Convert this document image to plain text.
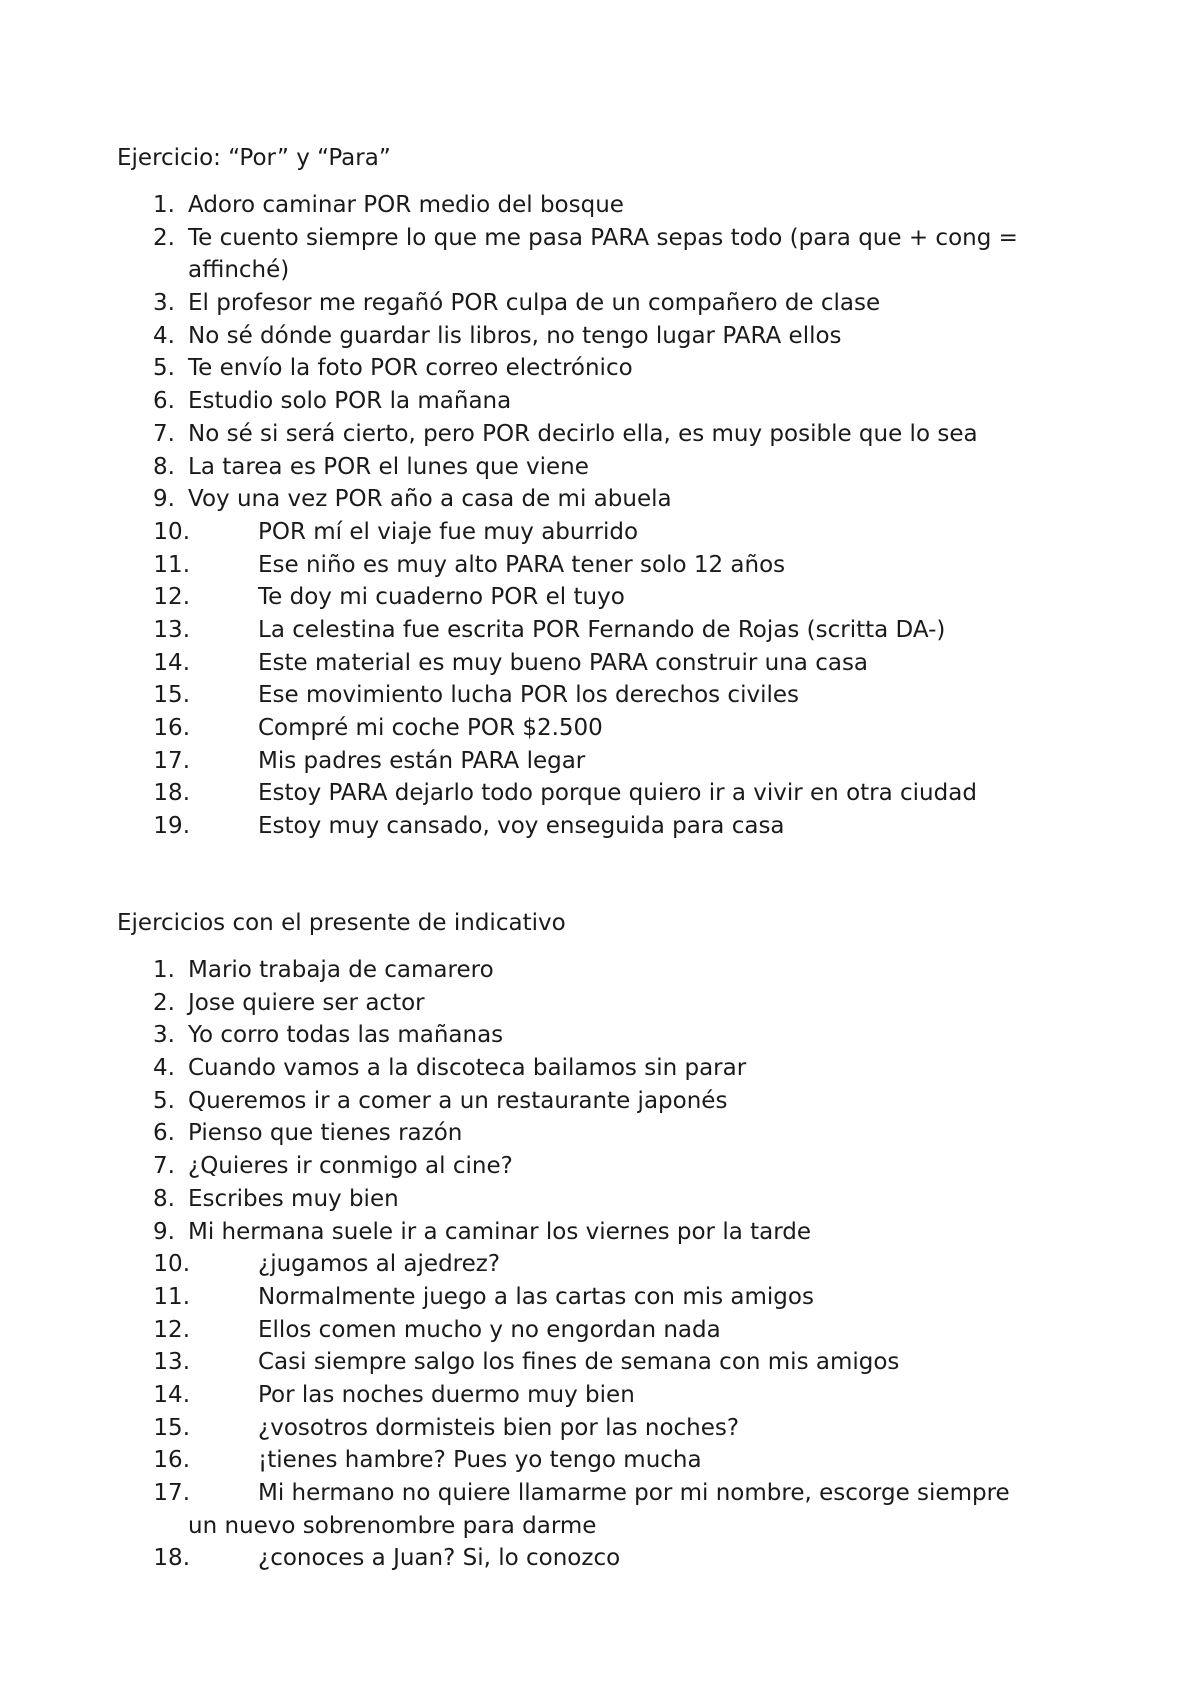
Ejercicio: “Por” y “Para”
1. Adoro caminar POR medio del bosque
2. Te cuento siempre lo que me pasa PARA sepas todo (para que + cong =
affinché)
3. El profesor me regañó POR culpa de un compañero de clase
4. No sé dónde guardar lis libros, no tengo lugar PARA ellos
5. Te envío la foto POR correo electrónico
6. Estudio solo POR la mañana
7. No sé si será cierto, pero POR decirlo ella, es muy posible que lo sea
8. La tarea es POR el lunes que viene
9. Voy una vez POR año a casa de mi abuela
10.	POR mí el viaje fue muy aburrido
11.	Ese niño es muy alto PARA tener solo 12 años
12.	Te doy mi cuaderno POR el tuyo
13.	La celestina fue escrita POR Fernando de Rojas (scritta DA-)
14.	Este material es muy bueno PARA construir una casa
15.	Ese movimiento lucha POR los derechos civiles
16.	Compré mi coche POR $2.500
17.	Mis padres están PARA legar
18.	Estoy PARA dejarlo todo porque quiero ir a vivir en otra ciudad
19.	Estoy muy cansado, voy enseguida para casa
Ejercicios con el presente de indicativo
1. Mario trabaja de camarero
2. Jose quiere ser actor
3. Yo corro todas las mañanas
4. Cuando vamos a la discoteca bailamos sin parar
5. Queremos ir a comer a un restaurante japonés
6. Pienso que tienes razón
7. ¿Quieres ir conmigo al cine?
8. Escribes muy bien
9. Mi hermana suele ir a caminar los viernes por la tarde
10.	¿jugamos al ajedrez?
11.	Normalmente juego a las cartas con mis amigos
12.	Ellos comen mucho y no engordan nada
13.	Casi siempre salgo los fines de semana con mis amigos
14.	Por las noches duermo muy bien
15.	¿vosotros dormisteis bien por las noches?
16.	¡tienes hambre? Pues yo tengo mucha
17.	Mi hermano no quiere llamarme por mi nombre, escorge siempre
un nuevo sobrenombre para darme
18.	¿conoces a Juan? Si, lo conozco
